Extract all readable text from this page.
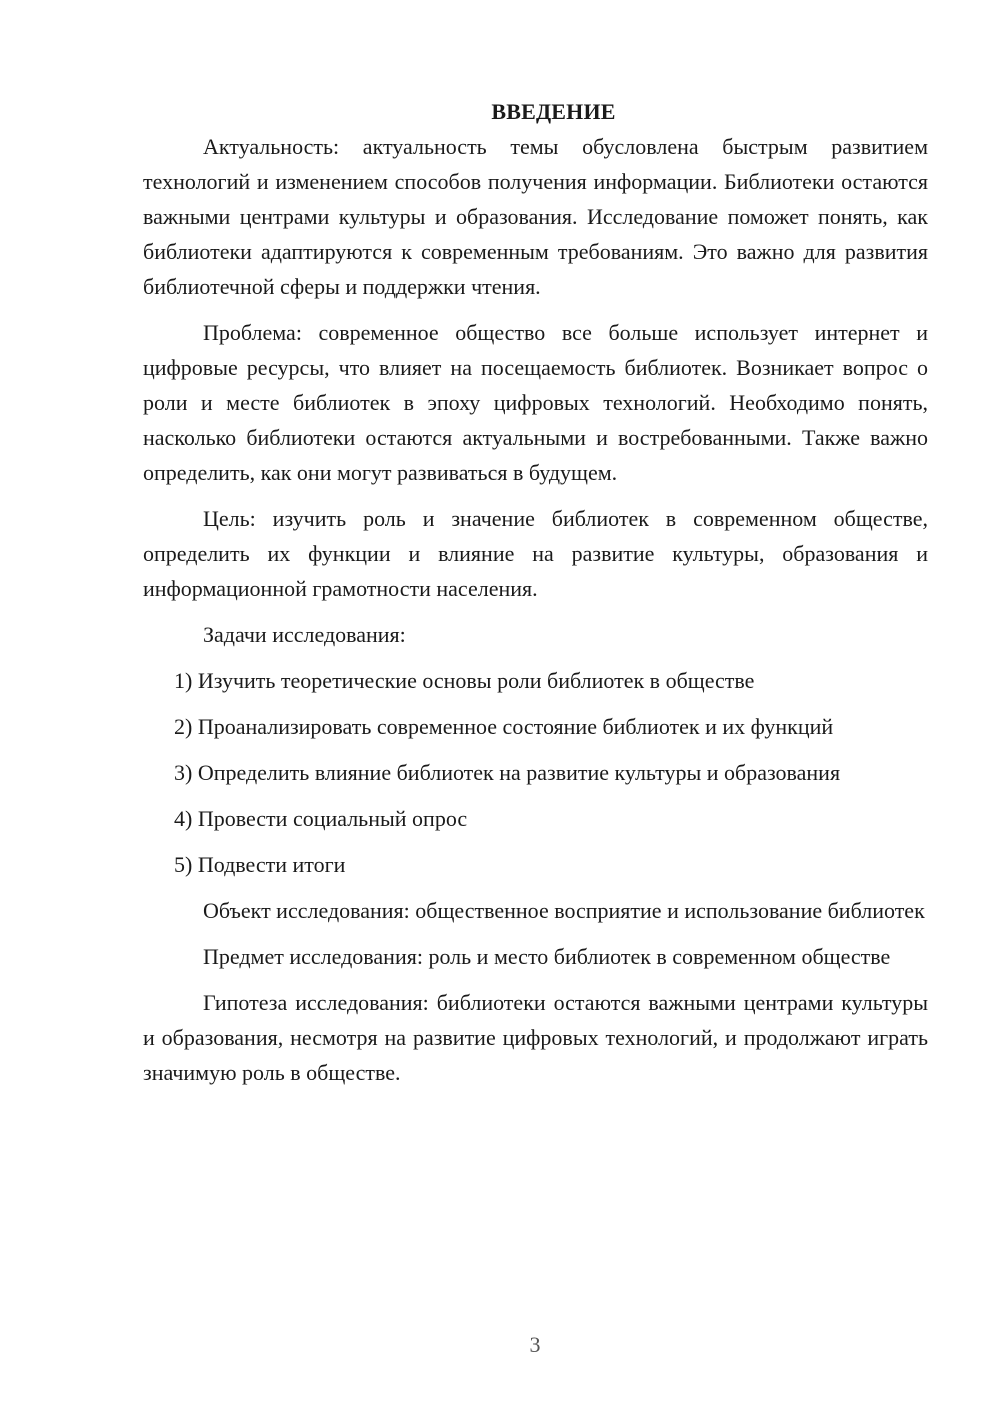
ВВЕДЕНИЕ

Актуальность: актуальность темы обусловлена быстрым развитием технологий и изменением способов получения информации. Библиотеки остаются важными центрами культуры и образования. Исследование поможет понять, как библиотеки адаптируются к современным требованиям. Это важно для развития библиотечной сферы и поддержки чтения.

Проблема: современное общество все больше использует интернет и цифровые ресурсы, что влияет на посещаемость библиотек. Возникает вопрос о роли и месте библиотек в эпоху цифровых технологий. Необходимо понять, насколько библиотеки остаются актуальными и востребованными. Также важно определить, как они могут развиваться в будущем.

Цель: изучить роль и значение библиотек в современном обществе, определить их функции и влияние на развитие культуры, образования и информационной грамотности населения.

Задачи исследования:

1) Изучить теоретические основы роли библиотек в обществе

2) Проанализировать современное состояние библиотек и их функций

3) Определить влияние библиотек на развитие культуры и образования

4) Провести социальный опрос

5) Подвести итоги

Объект исследования: общественное восприятие и использование библиотек

Предмет исследования: роль и место библиотек в современном обществе

Гипотеза исследования: библиотеки остаются важными центрами культуры и образования, несмотря на развитие цифровых технологий, и продолжают играть значимую роль в обществе.

3
